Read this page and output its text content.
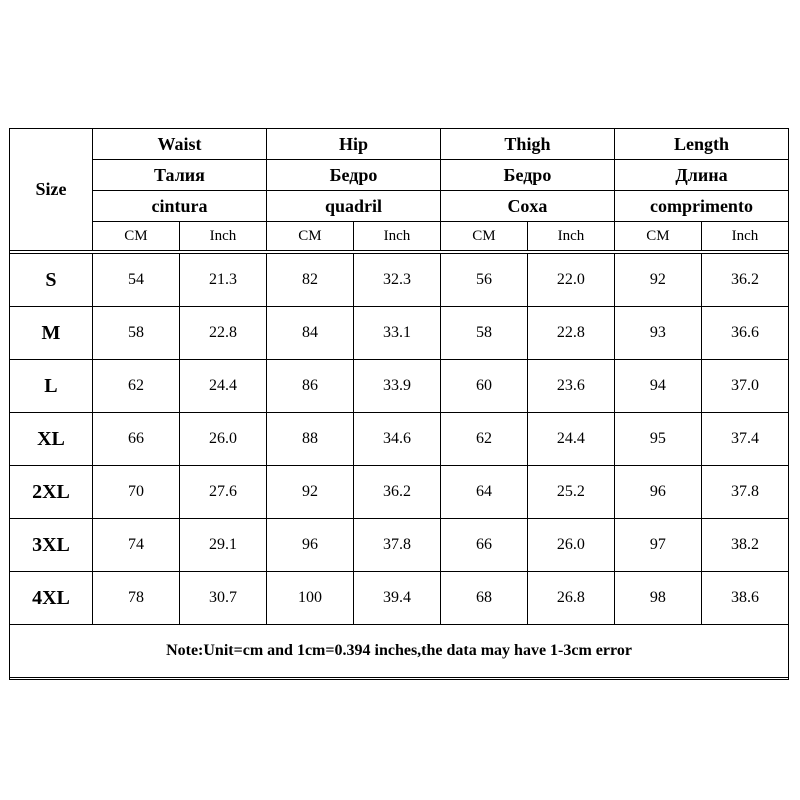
Size	Waist		Hip		Thigh		Length	
	Талия		Бедро		Бедро		Длина	
	cintura		quadril		Coxa		comprimento	
	CM	Inch	CM	Inch	CM	Inch	CM	Inch

S	54	21.3	82	32.3	56	22.0	92	36.2
M	58	22.8	84	33.1	58	22.8	93	36.6
L	62	24.4	86	33.9	60	23.6	94	37.0
XL	66	26.0	88	34.6	62	24.4	95	37.4
2XL	70	27.6	92	36.2	64	25.2	96	37.8
3XL	74	29.1	96	37.8	66	26.0	97	38.2
4XL	78	30.7	100	39.4	68	26.8	98	38.6
Note:Unit=cm and 1cm=0.394 inches,the data may have 1-3cm error								
